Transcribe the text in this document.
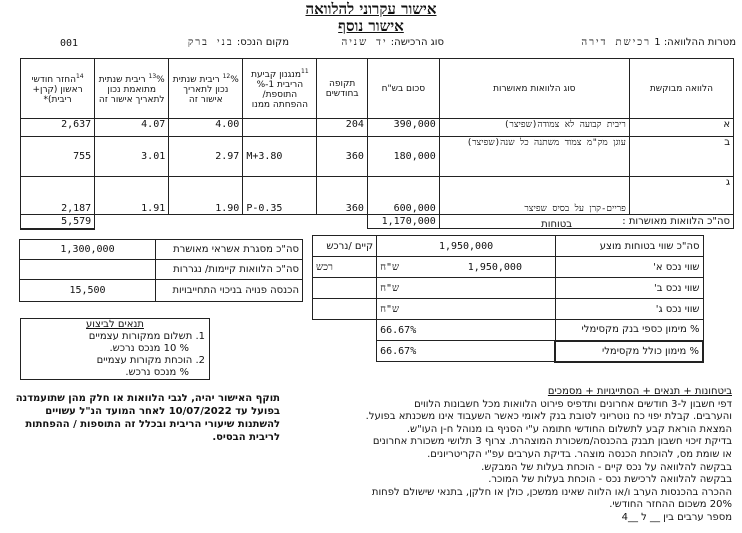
אישור עקרוני להלוואה
אישור נוסף
מטרות ההלוואה: 1 רכישת דירה
סוג הרכישה: יד שניה
מקום הנכס: בני ברק
001
הלוואה מבוקשת	סוג הלוואות מאושרות	סכום בש"ח	תקופה בחודשים	$^{11}$מנגנון קביעת הריבית 1-% התוספת/ ההפחתה ממנו	$^{12}$% ריבית שנתית נכון לתאריך אישור זה	$^{13}$% ריבית שנתית מתואמת נכון לתאריך אישור זה	$^{14}$החזר חודשי ראשון (קרן+ ריבית)*
א	ריבית קבועה לא צמודה(שפיצר)	390,000	204		4.00	4.07	2,637
ב	עוגן מק"מ צמוד משתנה כל שנה(שפיצר)	180,000	360	M+3.80	2.97	3.01	755
ג	פריים-קרן על בסיס שפיצר	600,000	360	P-0.35	1.90	1.91	2,187
סה"כ הלוואות מאושרות :		1,170,000					5,579	בטוחות
סה"כ שווי בטוחות מוצע	1,950,000	קיים /נרכש
שווי נכס א'	ש"ח 1,950,000	רכש
שווי נכס ב'	ש"ח	

שווי נכס ג'	ש"ח	

% מימון כספי בנק מקסימלי	66.67%	
% מימון כולל מקסימלי	66.67%	
סה"כ מסגרת אשראי מאושרת	1,300,000
סה"כ הלוואות קיימות/ נגררות	
הכנסה פנויה בניכוי התחייבויות	15,500
תנאים לביצוע
1. תשלום ממקורות עצמיים
% 10 מנכס נרכש.
2. הוכחת מקורות עצמיים
% מנכס נרכש.
תוקף האישור יהיה, לגבי הלוואות או חלק מהן שתועמדנה בפועל עד 10/07/2022 לאחר המועד הנ"ל עשויים להשתנות שיעורי הריבית ובכלל זה התוספות / ההפחתות לריבית הבסיס.
ביטחונות + תנאים + הסתייגויות + מסמכים
דפי חשבון ל-3 חודשים אחרונים ותדפיס פירוט הלוואות מכל חשבונות הלווים
והערבים. קבלת יפוי כח נוטריוני לטובת בנק לאומי כאשר השעבוד אינו משכנתא בפועל.
המצאת הוראת קבע לתשלום החודשי חתומה ע"י הסניף בו מנוהל ח-ן העו"ש.
בדיקת זיכוי חשבון תבנק בהכנסה/משכורת המוצהרת. צרוף 3 תלושי משכורת אחרונים
או שומת מס, להוכחת הכנסה מוצהר. בדיקת הערבים עפ"י הקריטריונים.
בבקשה להלוואה על נכס קיים - הוכחת בעלות של המבקש.
בבקשה להלוואה לרכישת נכס - הוכחת בעלות של המוכר.
ההכרה בהכנסות הערב ו/או הלווה שאינו ממשכן, כולן או חלקן, בתנאי שישולם לפחות
20% משכום ההחזר החודשי.
מספר ערבים בין __ ל __4
